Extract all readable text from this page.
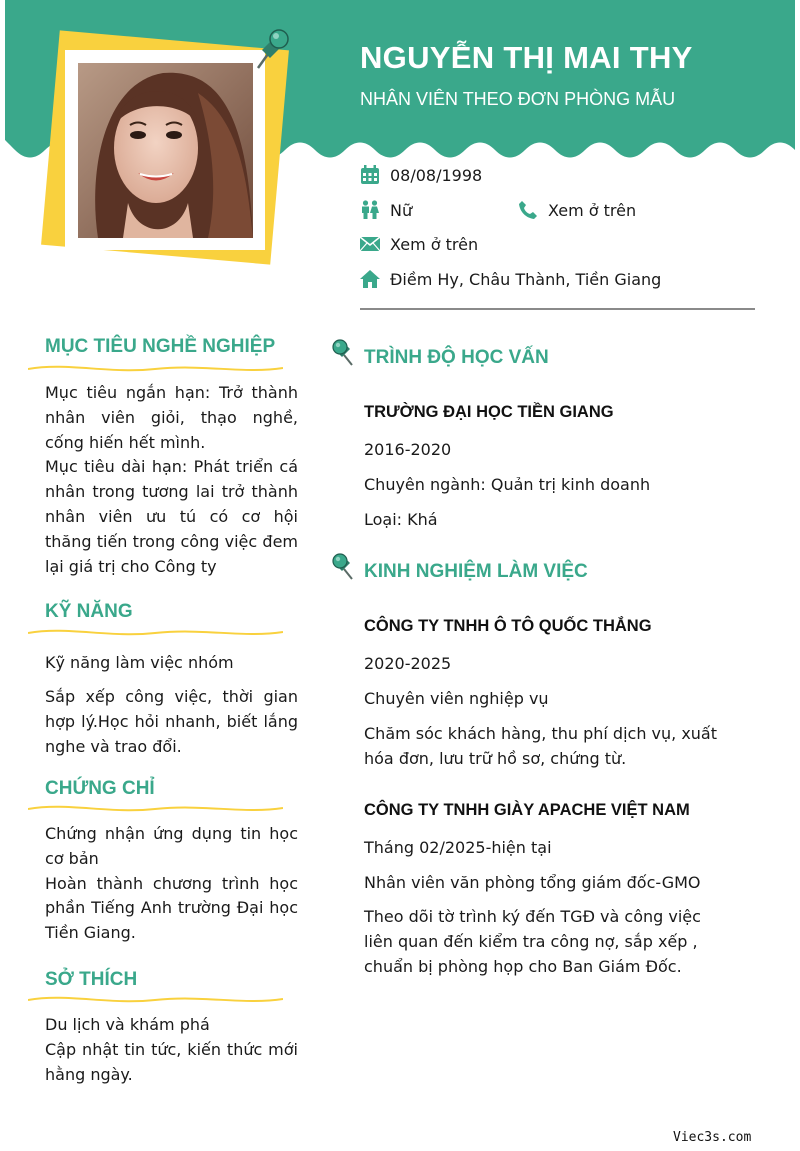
NGUYỄN THỊ MAI THY
NHÂN VIÊN THEO ĐƠN PHÒNG MẪU
08/08/1998
Nữ	Xem ở trên
Xem ở trên
Điềm Hy, Châu Thành, Tiền Giang
MỤC TIÊU NGHỀ NGHIỆP

Mục tiêu ngắn hạn: Trở thành nhân viên giỏi, thạo nghề, cống hiến hết mình.

Mục tiêu dài hạn: Phát triển cá nhân trong tương lai trở thành nhân viên ưu tú có cơ hội thăng tiến trong công việc đem lại giá trị cho Công ty

KỸ NĂNG
Kỹ năng làm việc nhóm
Sắp xếp công việc, thời gian hợp lý.Học hỏi nhanh, biết lắng nghe và trao đổi.
CHỨNG CHỈ

Chứng nhận ứng dụng tin học cơ bản

Hoàn thành chương trình học phần Tiếng Anh trường Đại học Tiền Giang.

SỞ THÍCH

Du lịch và khám phá

Cập nhật tin tức, kiến thức mới hằng ngày.

TRÌNH ĐỘ HỌC VẤN
TRƯỜNG ĐẠI HỌC TIỀN GIANG
2016-2020
Chuyên ngành: Quản trị kinh doanh
Loại: Khá
KINH NGHIỆM LÀM VIỆC
CÔNG TY TNHH Ô TÔ QUỐC THẮNG
2020-2025
Chuyên viên nghiệp vụ
Chăm sóc khách hàng, thu phí dịch vụ, xuất hóa đơn, lưu trữ hồ sơ, chứng từ.
CÔNG TY TNHH GIÀY APACHE VIỆT NAM
Tháng 02/2025-hiện tại
Nhân viên văn phòng tổng giám đốc-GMO
Theo dõi tờ trình ký đến TGĐ và công việc liên quan đến kiểm tra công nợ, sắp xếp , chuẩn bị phòng họp cho Ban Giám Đốc.
Viec3s.com
